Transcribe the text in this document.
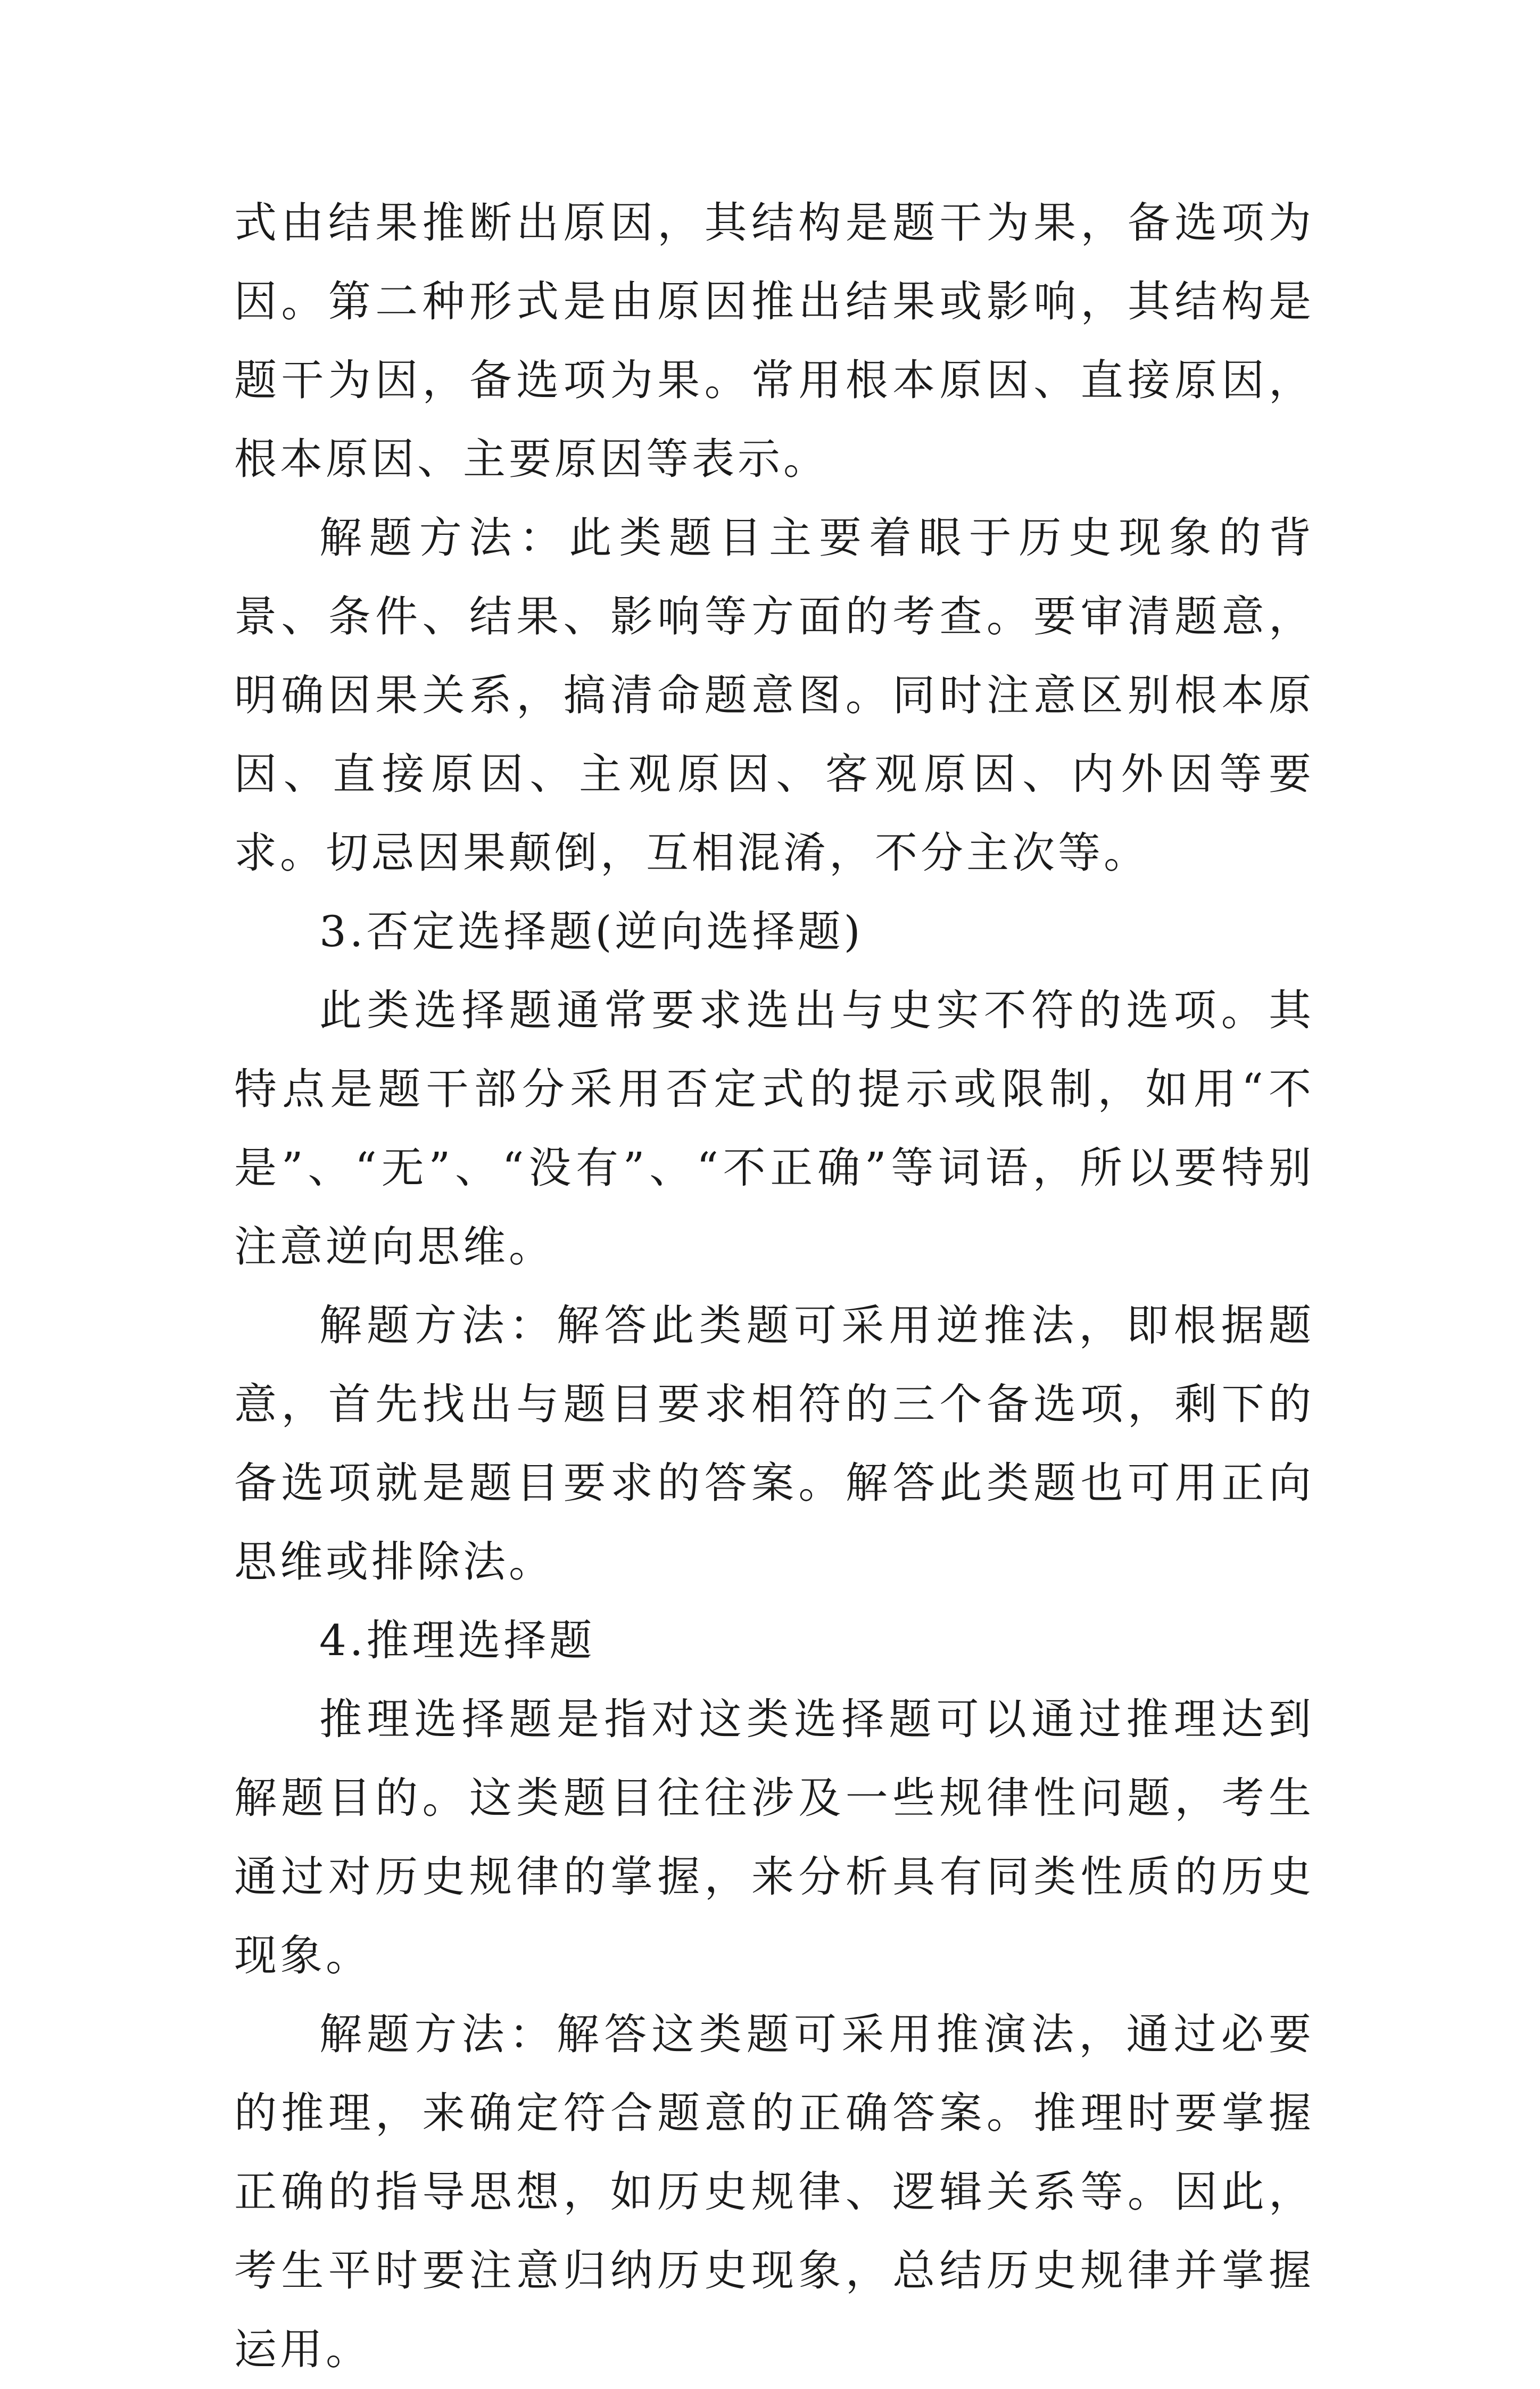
式由结果推断出原因，其结构是题干为果，备选项为因。第二种形式是由原因推出结果或影响，其结构是题干为因，备选项为果。常用根本原因、直接原因，根本原因、主要原因等表示。

解题方法：此类题目主要着眼于历史现象的背景、条件、结果、影响等方面的考查。要审清题意，明确因果关系，搞清命题意图。同时注意区别根本原因、直接原因、主观原因、客观原因、内外因等要求。切忌因果颠倒，互相混淆，不分主次等。

3.否定选择题(逆向选择题)

此类选择题通常要求选出与史实不符的选项。其特点是题干部分采用否定式的提示或限制，如用“不是”、“无”、“没有”、“不正确”等词语，所以要特别注意逆向思维。

解题方法：解答此类题可采用逆推法，即根据题意，首先找出与题目要求相符的三个备选项，剩下的备选项就是题目要求的答案。解答此类题也可用正向思维或排除法。

4.推理选择题

推理选择题是指对这类选择题可以通过推理达到解题目的。这类题目往往涉及一些规律性问题，考生通过对历史规律的掌握，来分析具有同类性质的历史现象。

解题方法：解答这类题可采用推演法，通过必要的推理，来确定符合题意的正确答案。推理时要掌握正确的指导思想，如历史规律、逻辑关系等。因此，考生平时要注意归纳历史现象，总结历史规律并掌握运用。
